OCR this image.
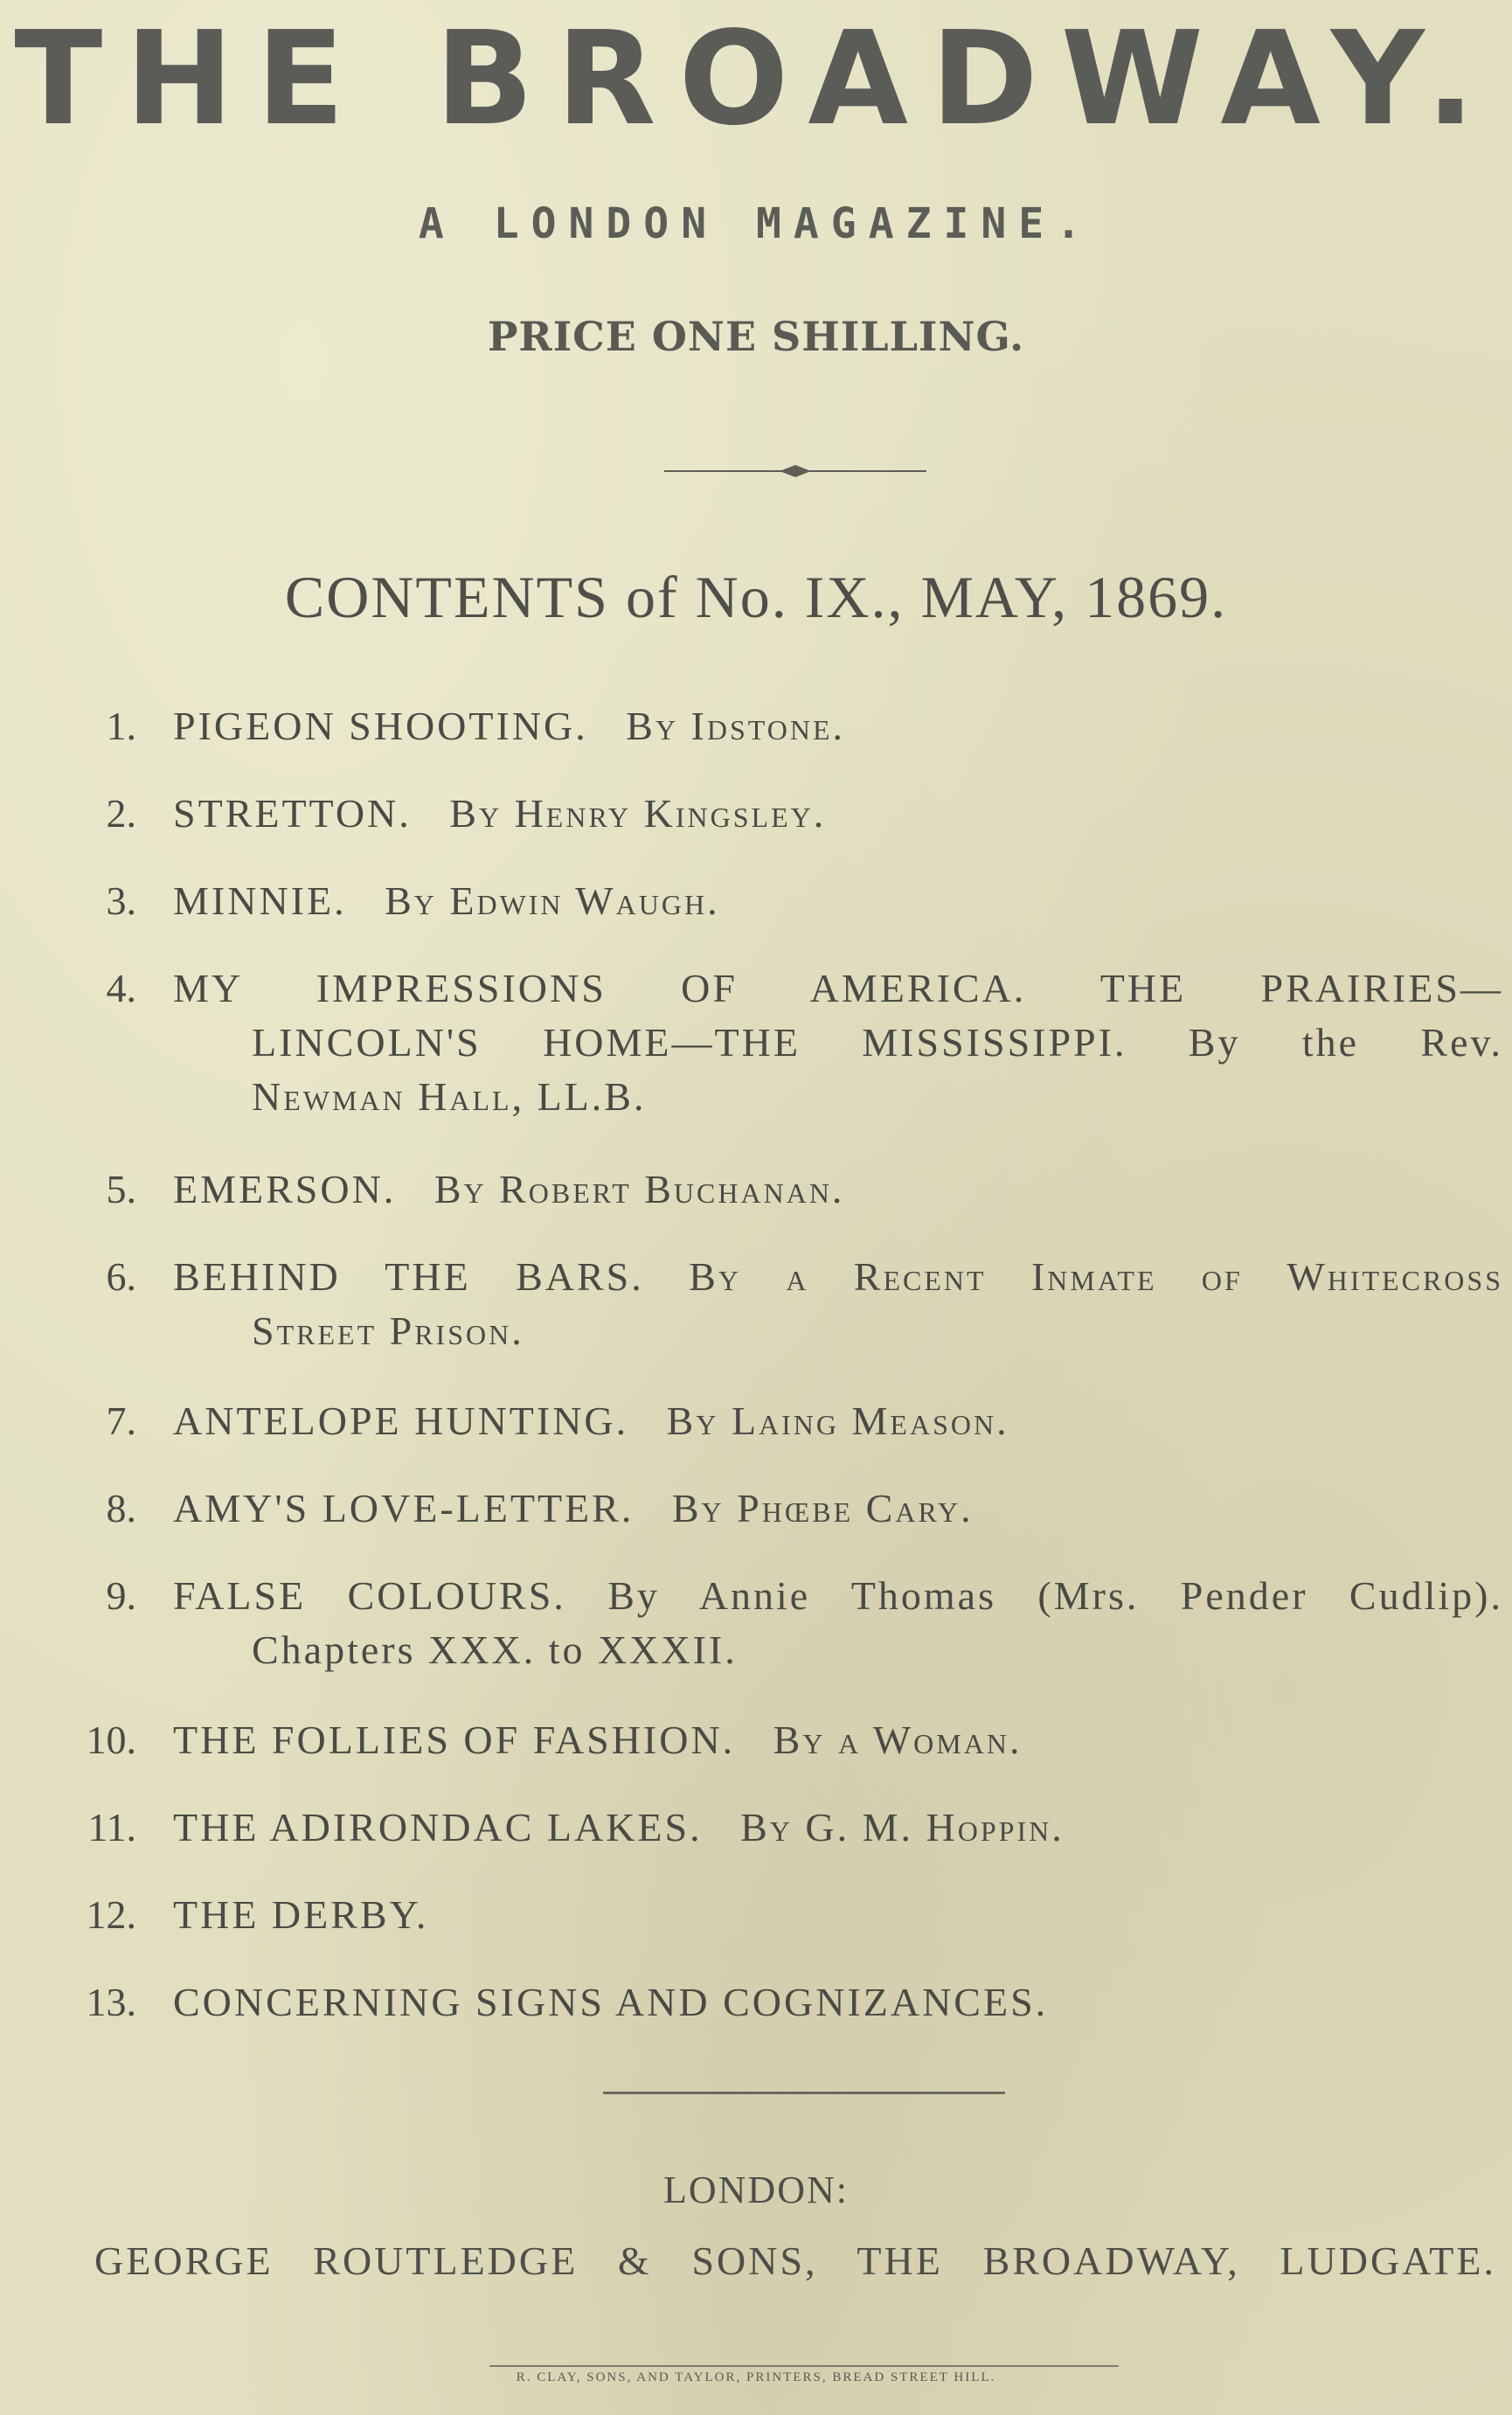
THE BROADWAY.
A LONDON MAGAZINE.
PRICE ONE SHILLING.
CONTENTS of No. IX., MAY, 1869.
1. PIGEON SHOOTING. By Idstone.
2. STRETTON. By Henry Kingsley.
3. MINNIE. By Edwin Waugh.
4. MY IMPRESSIONS OF AMERICA. THE PRAIRIES—
LINCOLN'S HOME—THE MISSISSIPPI. By the Rev.
Newman Hall, LL.B.
5. EMERSON. By Robert Buchanan.
6. BEHIND THE BARS. By a Recent Inmate of Whitecross
Street Prison.
7. ANTELOPE HUNTING. By Laing Meason.
8. AMY'S LOVE-LETTER. By Phœbe Cary.
9. FALSE COLOURS. By Annie Thomas (Mrs. Pender Cudlip).
Chapters XXX. to XXXII.
10. THE FOLLIES OF FASHION. By a Woman.
11. THE ADIRONDAC LAKES. By G. M. Hoppin.
12. THE DERBY.
13. CONCERNING SIGNS AND COGNIZANCES.
LONDON:
GEORGE ROUTLEDGE & SONS, THE BROADWAY, LUDGATE.
R. CLAY, SONS, AND TAYLOR, PRINTERS, BREAD STREET HILL.
